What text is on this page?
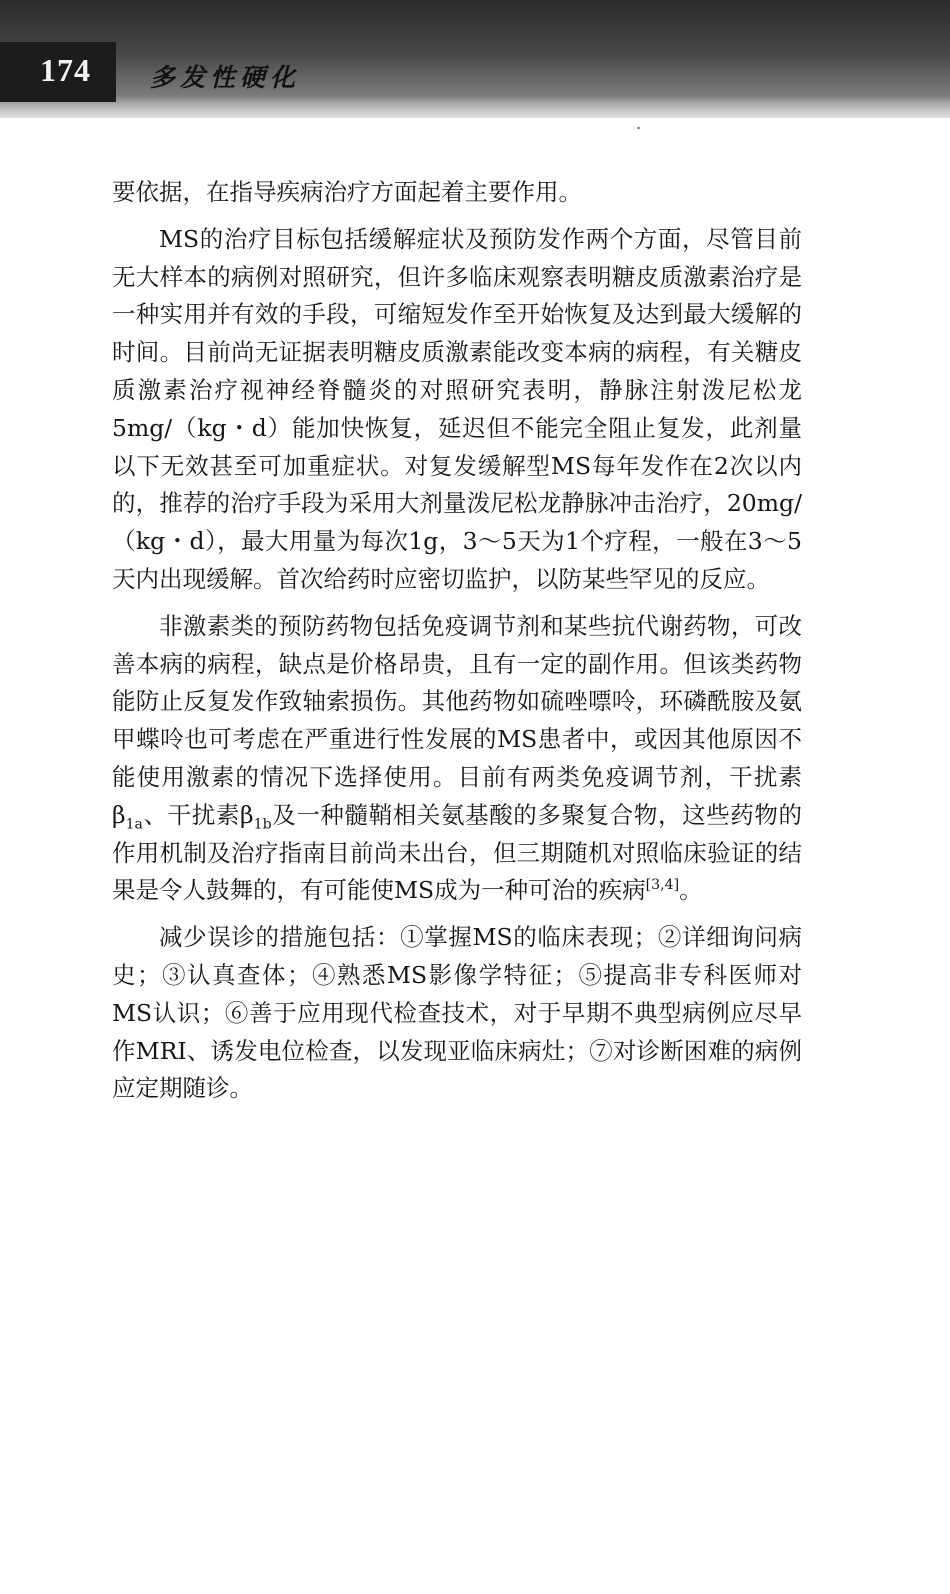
174 多发性硬化

要依据，在指导疾病治疗方面起着主要作用。

MS的治疗目标包括缓解症状及预防发作两个方面，尽管目前无大样本的病例对照研究，但许多临床观察表明糖皮质激素治疗是一种实用并有效的手段，可缩短发作至开始恢复及达到最大缓解的时间。目前尚无证据表明糖皮质激素能改变本病的病程，有关糖皮质激素治疗视神经脊髓炎的对照研究表明，静脉注射泼尼松龙5mg/（kg・d）能加快恢复，延迟但不能完全阻止复发，此剂量以下无效甚至可加重症状。对复发缓解型MS每年发作在2次以内的，推荐的治疗手段为采用大剂量泼尼松龙静脉冲击治疗，20mg/（kg・d），最大用量为每次1g，3～5天为1个疗程，一般在3～5天内出现缓解。首次给药时应密切监护，以防某些罕见的反应。

非激素类的预防药物包括免疫调节剂和某些抗代谢药物，可改善本病的病程，缺点是价格昂贵，且有一定的副作用。但该类药物能防止反复发作致轴索损伤。其他药物如硫唑嘌呤，环磷酰胺及氨甲蝶呤也可考虑在严重进行性发展的MS患者中，或因其他原因不能使用激素的情况下选择使用。目前有两类免疫调节剂，干扰素$\beta_{1a}$、干扰素$\beta_{1b}$及一种髓鞘相关氨基酸的多聚复合物，这些药物的作用机制及治疗指南目前尚未出台，但三期随机对照临床验证的结果是令人鼓舞的，有可能使MS成为一种可治的疾病[3,4]。

减少误诊的措施包括：①掌握MS的临床表现；②详细询问病史；③认真查体；④熟悉MS影像学特征；⑤提高非专科医师对MS认识；⑥善于应用现代检查技术，对于早期不典型病例应尽早作MRI、诱发电位检查，以发现亚临床病灶；⑦对诊断困难的病例应定期随诊。
